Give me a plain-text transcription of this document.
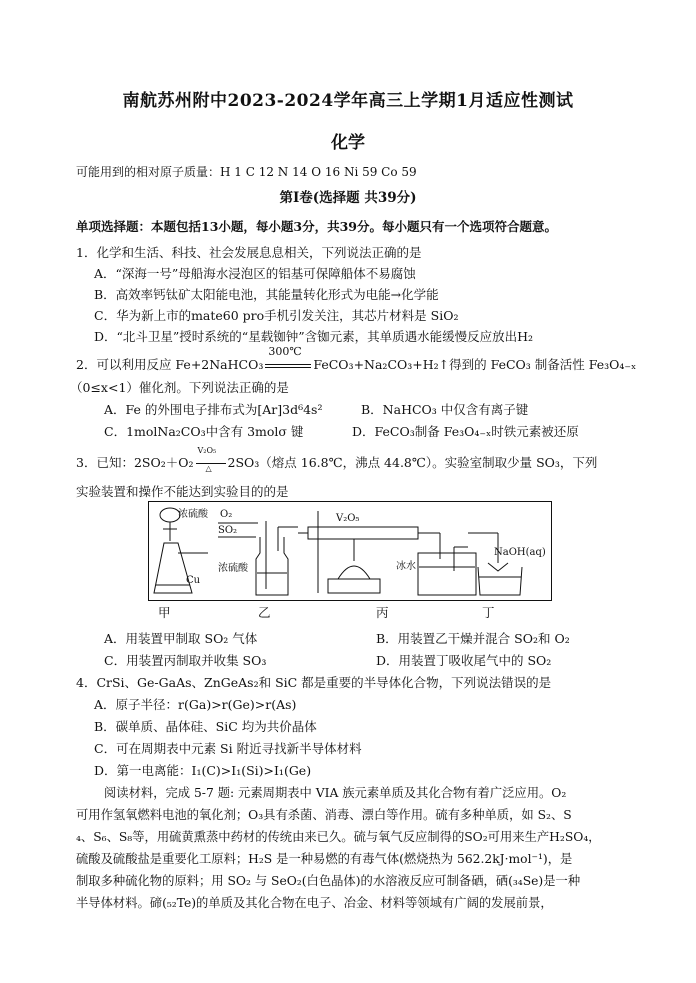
南航苏州附中2023-2024学年高三上学期1月适应性测试
化学
可能用到的相对原子质量：H 1 C 12 N 14 O 16 Ni 59 Co 59
第Ⅰ卷(选择题 共39分)
单项选择题：本题包括13小题，每小题3分，共39分。每小题只有一个选项符合题意。
1．化学和生活、科技、社会发展息息相关，下列说法正确的是
A．“深海一号”母船海水浸泡区的铝基可保障船体不易腐蚀
B．高效率钙钛矿太阳能电池，其能量转化形式为电能→化学能
C．华为新上市的mate60 pro手机引发关注，其芯片材料是 SiO₂
D．“北斗卫星”授时系统的“星载铷钟”含铷元素，其单质遇水能缓慢反应放出H₂
2．可以利用反应 Fe+2NaHCO₃
300℃
FeCO₃+Na₂CO₃+H₂↑得到的 FeCO₃ 制备活性 Fe₃O₄₋ₓ
（0≤x<1）催化剂。下列说法正确的是
A．Fe 的外围电子排布式为[Ar]3d⁶4s²	B．NaHCO₃ 中仅含有离子键
C．1molNa₂CO₃中含有 3molσ 键	D．FeCO₃制备 Fe₃O₄₋ₓ时铁元素被还原
3．已知：2SO₂＋O₂
V₂O₅
△ 2SO₃（熔点 16.8℃，沸点 44.8℃）。实验室制取少量 SO₃，下列
实验装置和操作不能达到实验目的的是
浓硫酸
Cu
O₂
SO₂
浓硫酸
V₂O₅
冰水
NaOH(aq)
甲	乙	丙	丁
A．用装置甲制取 SO₂ 气体	B．用装置乙干燥并混合 SO₂和 O₂
C．用装置丙制取并收集 SO₃	D．用装置丁吸收尾气中的 SO₂
4．CrSi、Ge-GaAs、ZnGeAs₂和 SiC 都是重要的半导体化合物，下列说法错误的是
A．原子半径：r(Ga)>r(Ge)>r(As)
B．碳单质、晶体硅、SiC 均为共价晶体
C．可在周期表中元素 Si 附近寻找新半导体材料
D．第一电离能：I₁(C)>I₁(Si)>I₁(Ge)
阅读材料，完成 5-7 题: 元素周期表中 VIA 族元素单质及其化合物有着广泛应用。O₂
可用作氢氧燃料电池的氧化剂；O₃具有杀菌、消毒、漂白等作用。硫有多种单质，如 S₂、S
₄、S₆、S₈等，用硫黄熏蒸中药材的传统由来已久。硫与氧气反应制得的SO₂可用来生产H₂SO₄，
硫酸及硫酸盐是重要化工原料；H₂S 是一种易燃的有毒气体(燃烧热为 562.2kJ·mol⁻¹)，是
制取多种硫化物的原料；用 SO₂ 与 SeO₂(白色晶体)的水溶液反应可制备硒，硒(₃₄Se)是一种
半导体材料。碲(₅₂Te)的单质及其化合物在电子、冶金、材料等领域有广阔的发展前景，
